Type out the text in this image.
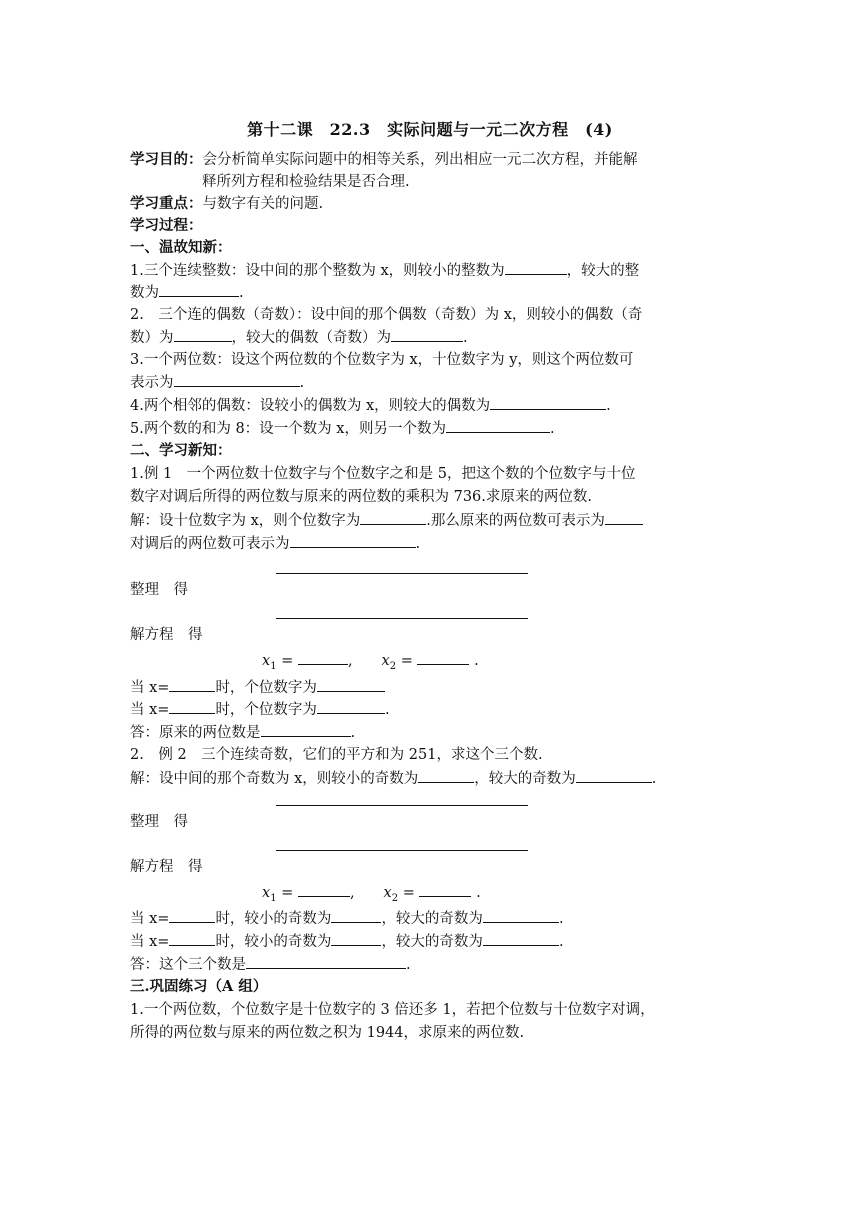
第十二课　22.3　实际问题与一元二次方程　(4)
学习目的：会分析简单实际问题中的相等关系，列出相应一元二次方程，并能解
释所列方程和检验结果是否合理.
学习重点：与数字有关的问题.
学习过程：
一、温故知新：
1.三个连续整数：设中间的那个整数为 x，则较小的整数为	，较大的整
数为	.
2.　三个连的偶数（奇数）：设中间的那个偶数（奇数）为 x，则较小的偶数（奇
数）为	，较大的偶数（奇数）为	.
3.一个两位数：设这个两位数的个位数字为 x，十位数字为 y，则这个两位数可
表示为	.
4.两个相邻的偶数：设较小的偶数为 x，则较大的偶数为	.
5.两个数的和为 8：设一个数为 x，则另一个数为	.
二、学习新知：
1.例 1　一个两位数十位数字与个位数字之和是 5，把这个数的个位数字与十位
数字对调后所得的两位数与原来的两位数的乘积为 736.求原来的两位数.
解：设十位数字为 x，则个位数字为	.那么原来的两位数可表示为
对调后的两位数可表示为	.
整理　得
解方程　得
$x_1$ =	,　　 $x_2$ =	.
当 x=	时，个位数字为
当 x=	时，个位数字为	.
答：原来的两位数是	.
2.　例 2　三个连续奇数，它们的平方和为 251，求这个三个数.
解：设中间的那个奇数为 x，则较小的奇数为	，较大的奇数为	.
整理　得
解方程　得
$x_1$ =	,　　 $x_2$ =	.
当 x=	时，较小的奇数为	，较大的奇数为	.
当 x=	时，较小的奇数为	，较大的奇数为	.
答：这个三个数是	.
三.巩固练习（A 组）
1.一个两位数，个位数字是十位数字的 3 倍还多 1，若把个位数与十位数字对调，
所得的两位数与原来的两位数之积为 1944，求原来的两位数.
